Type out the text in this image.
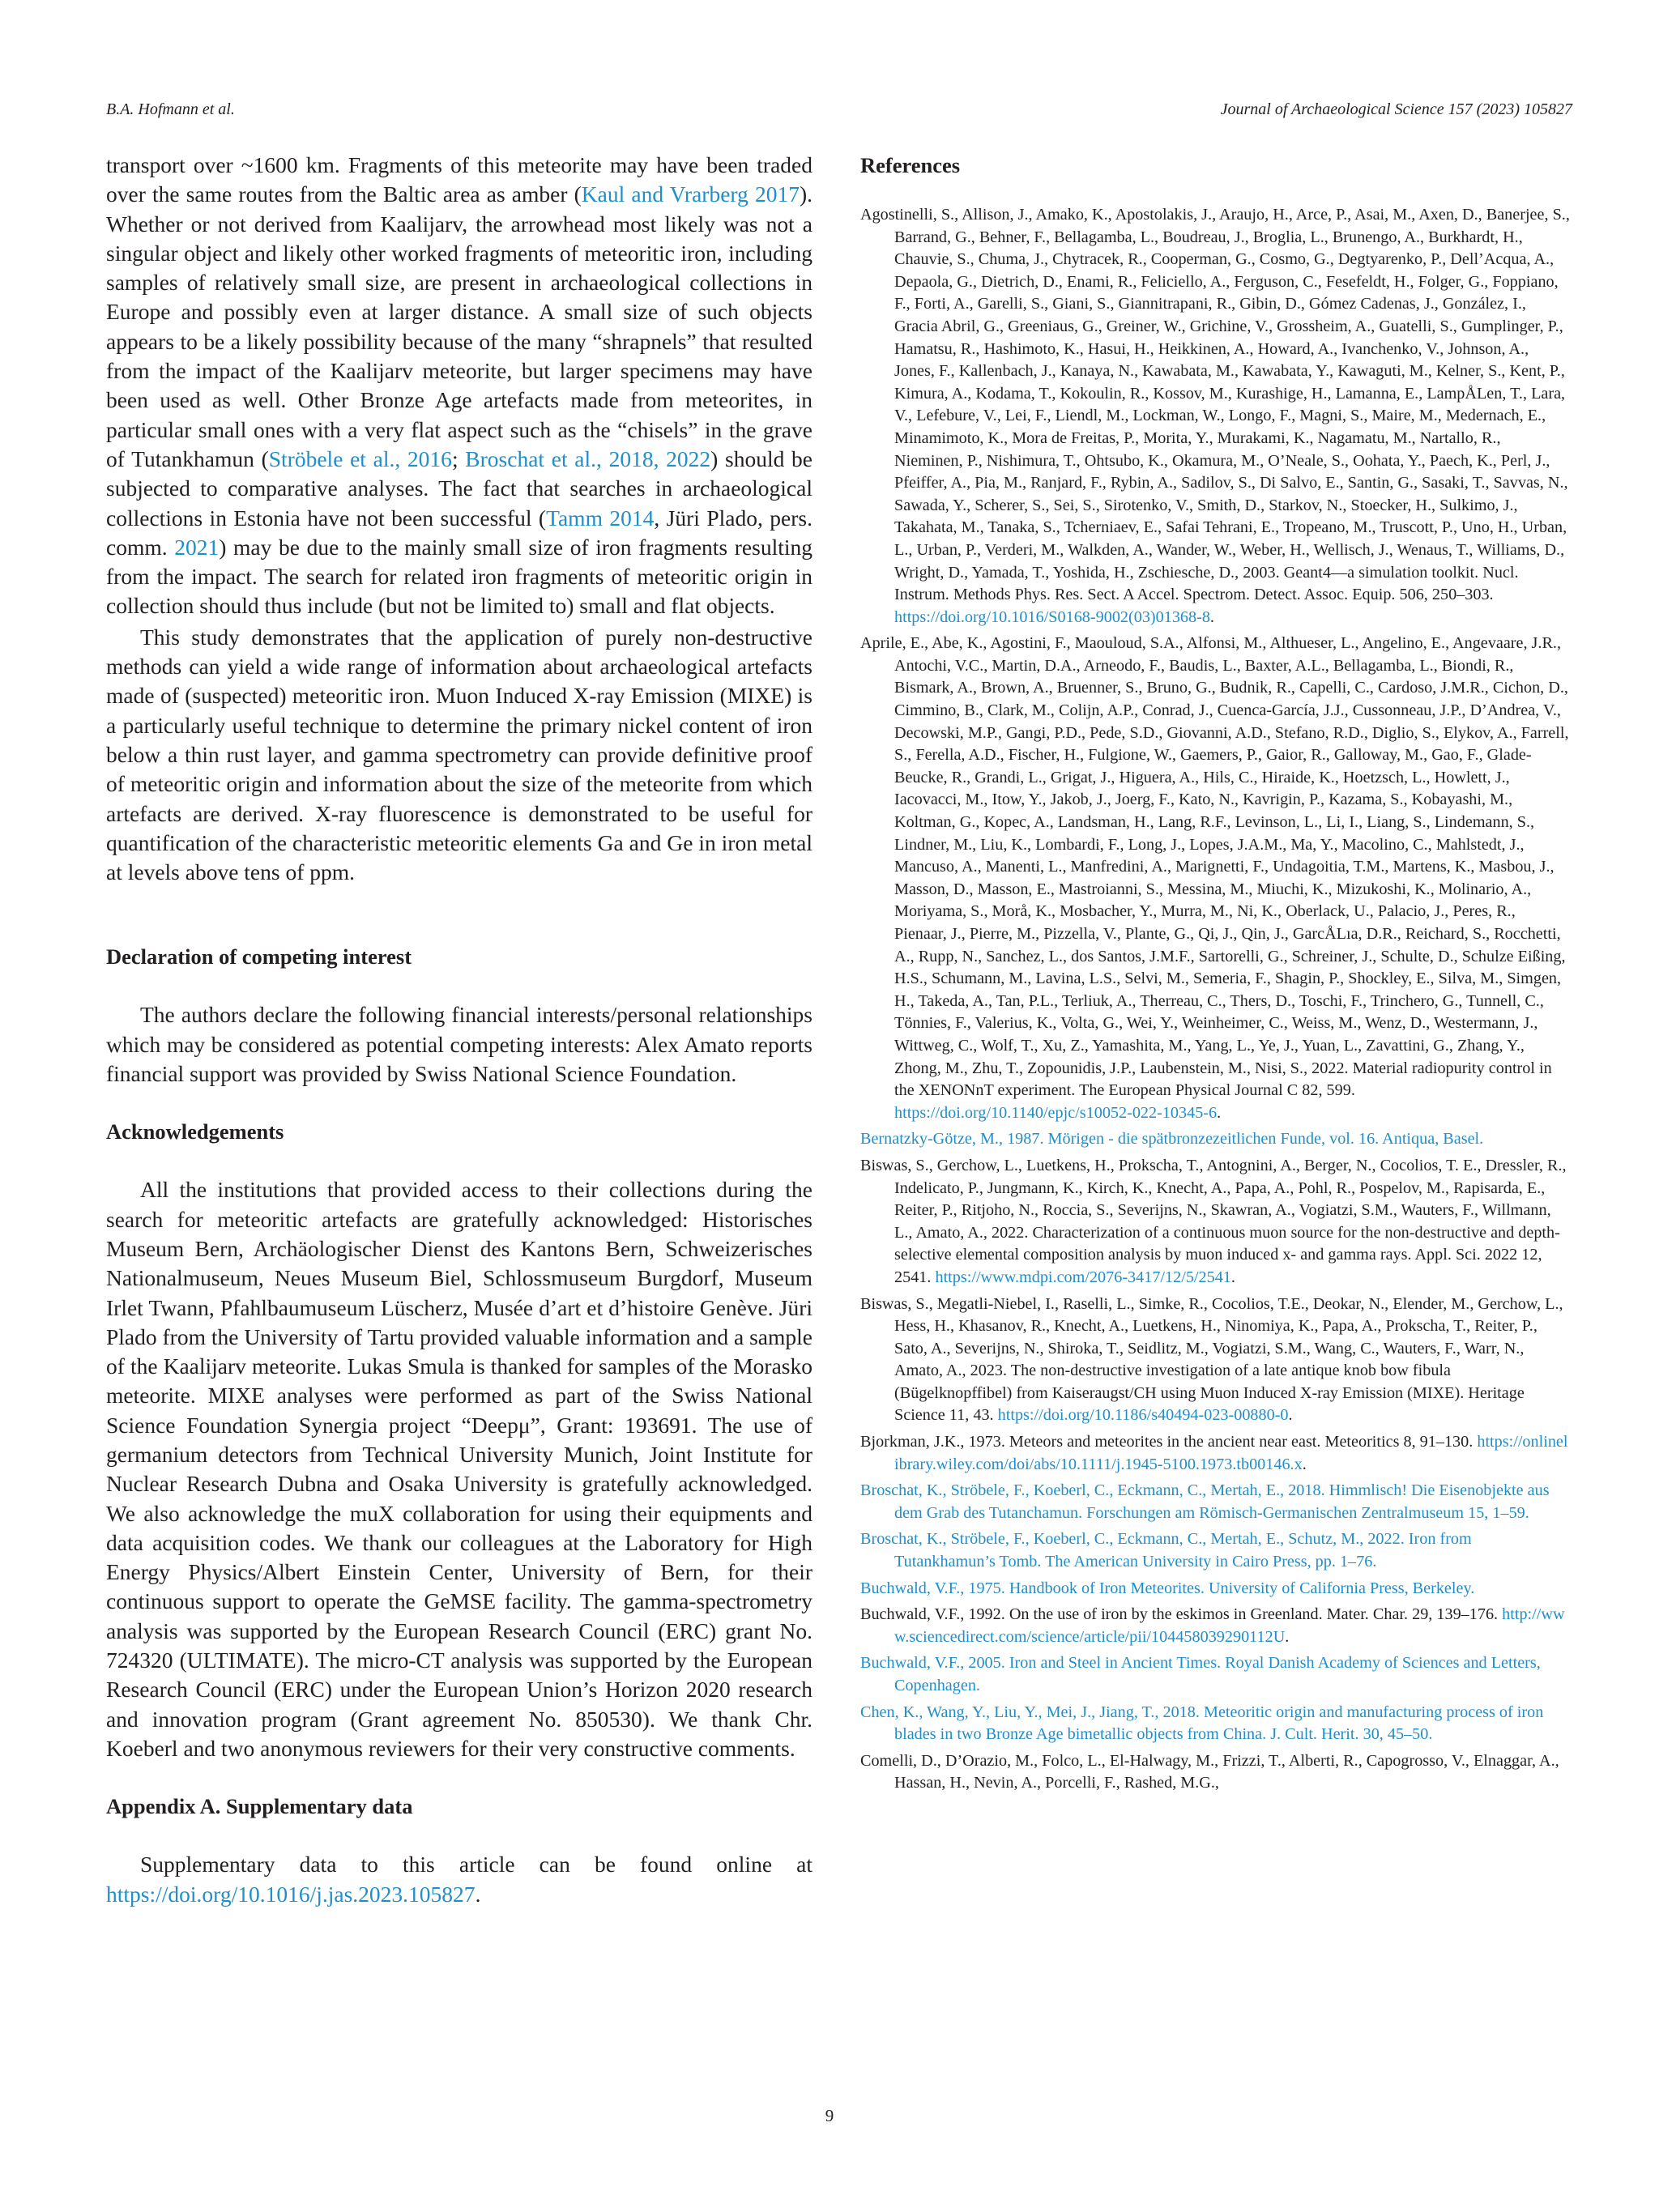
B.A. Hofmann et al.	Journal of Archaeological Science 157 (2023) 105827

transport over ~1600 km. Fragments of this meteorite may have been traded over the same routes from the Baltic area as amber (Kaul and Vrarberg 2017). Whether or not derived from Kaalijarv, the arrowhead most likely was not a singular object and likely other worked fragments of meteoritic iron, including samples of relatively small size, are present in archaeological collections in Europe and possibly even at larger distance. A small size of such objects appears to be a likely possibility because of the many “shrapnels” that resulted from the impact of the Kaalijarv meteorite, but larger specimens may have been used as well. Other Bronze Age artefacts made from meteorites, in particular small ones with a very flat aspect such as the “chisels” in the grave of Tutankhamun (Ströbele et al., 2016; Broschat et al., 2018, 2022) should be subjected to comparative analyses. The fact that searches in archaeological collections in Estonia have not been successful (Tamm 2014, Jüri Plado, pers. comm. 2021) may be due to the mainly small size of iron fragments resulting from the impact. The search for related iron fragments of meteoritic origin in collection should thus include (but not be limited to) small and flat objects.

This study demonstrates that the application of purely non-destructive methods can yield a wide range of information about archaeological artefacts made of (suspected) meteoritic iron. Muon Induced X-ray Emission (MIXE) is a particularly useful technique to determine the primary nickel content of iron below a thin rust layer, and gamma spectrometry can provide definitive proof of meteoritic origin and information about the size of the meteorite from which artefacts are derived. X-ray fluorescence is demonstrated to be useful for quantification of the characteristic meteoritic elements Ga and Ge in iron metal at levels above tens of ppm.

Declaration of competing interest

The authors declare the following financial interests/personal relationships which may be considered as potential competing interests: Alex Amato reports financial support was provided by Swiss National Science Foundation.

Acknowledgements

All the institutions that provided access to their collections during the search for meteoritic artefacts are gratefully acknowledged: Historisches Museum Bern, Archäologischer Dienst des Kantons Bern, Schweizerisches Nationalmuseum, Neues Museum Biel, Schlossmuseum Burgdorf, Museum Irlet Twann, Pfahlbaumuseum Lüscherz, Musée d’art et d’histoire Genève. Jüri Plado from the University of Tartu provided valuable information and a sample of the Kaalijarv meteorite. Lukas Smula is thanked for samples of the Morasko meteorite. MIXE analyses were performed as part of the Swiss National Science Foundation Synergia project “Deepμ”, Grant: 193691. The use of germanium detectors from Technical University Munich, Joint Institute for Nuclear Research Dubna and Osaka University is gratefully acknowledged. We also acknowledge the muX collaboration for using their equipments and data acquisition codes. We thank our colleagues at the Laboratory for High Energy Physics/Albert Einstein Center, University of Bern, for their continuous support to operate the GeMSE facility. The gamma-spectrometry analysis was supported by the European Research Council (ERC) grant No. 724320 (ULTIMATE). The micro-CT analysis was supported by the European Research Council (ERC) under the European Union’s Horizon 2020 research and innovation program (Grant agreement No. 850530). We thank Chr. Koeberl and two anonymous reviewers for their very constructive comments.

Appendix A. Supplementary data

Supplementary data to this article can be found online at https://doi.org/10.1016/j.jas.2023.105827.

References

Agostinelli, S., Allison, J., Amako, K., Apostolakis, J., Araujo, H., Arce, P., Asai, M., Axen, D., Banerjee, S., Barrand, G., Behner, F., Bellagamba, L., Boudreau, J., Broglia, L., Brunengo, A., Burkhardt, H., Chauvie, S., Chuma, J., Chytracek, R., Cooperman, G., Cosmo, G., Degtyarenko, P., Dell’Acqua, A., Depaola, G., Dietrich, D., Enami, R., Feliciello, A., Ferguson, C., Fesefeldt, H., Folger, G., Foppiano, F., Forti, A., Garelli, S., Giani, S., Giannitrapani, R., Gibin, D., Gómez Cadenas, J., González, I., Gracia Abril, G., Greeniaus, G., Greiner, W., Grichine, V., Grossheim, A., Guatelli, S., Gumplinger, P., Hamatsu, R., Hashimoto, K., Hasui, H., Heikkinen, A., Howard, A., Ivanchenko, V., Johnson, A., Jones, F., Kallenbach, J., Kanaya, N., Kawabata, M., Kawabata, Y., Kawaguti, M., Kelner, S., Kent, P., Kimura, A., Kodama, T., Kokoulin, R., Kossov, M., Kurashige, H., Lamanna, E., LampÅLen, T., Lara, V., Lefebure, V., Lei, F., Liendl, M., Lockman, W., Longo, F., Magni, S., Maire, M., Medernach, E., Minamimoto, K., Mora de Freitas, P., Morita, Y., Murakami, K., Nagamatu, M., Nartallo, R., Nieminen, P., Nishimura, T., Ohtsubo, K., Okamura, M., O’Neale, S., Oohata, Y., Paech, K., Perl, J., Pfeiffer, A., Pia, M., Ranjard, F., Rybin, A., Sadilov, S., Di Salvo, E., Santin, G., Sasaki, T., Savvas, N., Sawada, Y., Scherer, S., Sei, S., Sirotenko, V., Smith, D., Starkov, N., Stoecker, H., Sulkimo, J., Takahata, M., Tanaka, S., Tcherniaev, E., Safai Tehrani, E., Tropeano, M., Truscott, P., Uno, H., Urban, L., Urban, P., Verderi, M., Walkden, A., Wander, W., Weber, H., Wellisch, J., Wenaus, T., Williams, D., Wright, D., Yamada, T., Yoshida, H., Zschiesche, D., 2003. Geant4—a simulation toolkit. Nucl. Instrum. Methods Phys. Res. Sect. A Accel. Spectrom. Detect. Assoc. Equip. 506, 250–303. https://doi.org/10.1016/S0168-9002(03)01368-8.

Aprile, E., Abe, K., Agostini, F., Maouloud, S.A., Alfonsi, M., Althueser, L., Angelino, E., Angevaare, J.R., Antochi, V.C., Martin, D.A., Arneodo, F., Baudis, L., Baxter, A.L., Bellagamba, L., Biondi, R., Bismark, A., Brown, A., Bruenner, S., Bruno, G., Budnik, R., Capelli, C., Cardoso, J.M.R., Cichon, D., Cimmino, B., Clark, M., Colijn, A.P., Conrad, J., Cuenca-García, J.J., Cussonneau, J.P., D’Andrea, V., Decowski, M.P., Gangi, P.D., Pede, S.D., Giovanni, A.D., Stefano, R.D., Diglio, S., Elykov, A., Farrell, S., Ferella, A.D., Fischer, H., Fulgione, W., Gaemers, P., Gaior, R., Galloway, M., Gao, F., Glade-Beucke, R., Grandi, L., Grigat, J., Higuera, A., Hils, C., Hiraide, K., Hoetzsch, L., Howlett, J., Iacovacci, M., Itow, Y., Jakob, J., Joerg, F., Kato, N., Kavrigin, P., Kazama, S., Kobayashi, M., Koltman, G., Kopec, A., Landsman, H., Lang, R.F., Levinson, L., Li, I., Liang, S., Lindemann, S., Lindner, M., Liu, K., Lombardi, F., Long, J., Lopes, J.A.M., Ma, Y., Macolino, C., Mahlstedt, J., Mancuso, A., Manenti, L., Manfredini, A., Marignetti, F., Undagoitia, T.M., Martens, K., Masbou, J., Masson, D., Masson, E., Mastroianni, S., Messina, M., Miuchi, K., Mizukoshi, K., Molinario, A., Moriyama, S., Morå, K., Mosbacher, Y., Murra, M., Ni, K., Oberlack, U., Palacio, J., Peres, R., Pienaar, J., Pierre, M., Pizzella, V., Plante, G., Qi, J., Qin, J., GarcÅLıa, D.R., Reichard, S., Rocchetti, A., Rupp, N., Sanchez, L., dos Santos, J.M.F., Sartorelli, G., Schreiner, J., Schulte, D., Schulze Eißing, H.S., Schumann, M., Lavina, L.S., Selvi, M., Semeria, F., Shagin, P., Shockley, E., Silva, M., Simgen, H., Takeda, A., Tan, P.L., Terliuk, A., Therreau, C., Thers, D., Toschi, F., Trinchero, G., Tunnell, C., Tönnies, F., Valerius, K., Volta, G., Wei, Y., Weinheimer, C., Weiss, M., Wenz, D., Westermann, J., Wittweg, C., Wolf, T., Xu, Z., Yamashita, M., Yang, L., Ye, J., Yuan, L., Zavattini, G., Zhang, Y., Zhong, M., Zhu, T., Zopounidis, J.P., Laubenstein, M., Nisi, S., 2022. Material radiopurity control in the XENONnT experiment. The European Physical Journal C 82, 599. https://doi.org/10.1140/epjc/s10052-022-10345-6.

Bernatzky-Götze, M., 1987. Mörigen - die spätbronzezeitlichen Funde, vol. 16. Antiqua, Basel.

Biswas, S., Gerchow, L., Luetkens, H., Prokscha, T., Antognini, A., Berger, N., Cocolios, T. E., Dressler, R., Indelicato, P., Jungmann, K., Kirch, K., Knecht, A., Papa, A., Pohl, R., Pospelov, M., Rapisarda, E., Reiter, P., Ritjoho, N., Roccia, S., Severijns, N., Skawran, A., Vogiatzi, S.M., Wauters, F., Willmann, L., Amato, A., 2022. Characterization of a continuous muon source for the non-destructive and depth-selective elemental composition analysis by muon induced x- and gamma rays. Appl. Sci. 2022 12, 2541. https://www.mdpi.com/2076-3417/12/5/2541.

Biswas, S., Megatli-Niebel, I., Raselli, L., Simke, R., Cocolios, T.E., Deokar, N., Elender, M., Gerchow, L., Hess, H., Khasanov, R., Knecht, A., Luetkens, H., Ninomiya, K., Papa, A., Prokscha, T., Reiter, P., Sato, A., Severijns, N., Shiroka, T., Seidlitz, M., Vogiatzi, S.M., Wang, C., Wauters, F., Warr, N., Amato, A., 2023. The non-destructive investigation of a late antique knob bow fibula (Bügelknopffibel) from Kaiseraugst/CH using Muon Induced X-ray Emission (MIXE). Heritage Science 11, 43. https://doi.org/10.1186/s40494-023-00880-0.

Bjorkman, J.K., 1973. Meteors and meteorites in the ancient near east. Meteoritics 8, 91–130. https://onlinelibrary.wiley.com/doi/abs/10.1111/j.1945-5100.1973.tb00146.x.

Broschat, K., Ströbele, F., Koeberl, C., Eckmann, C., Mertah, E., 2018. Himmlisch! Die Eisenobjekte aus dem Grab des Tutanchamun. Forschungen am Römisch-Germanischen Zentralmuseum 15, 1–59.

Broschat, K., Ströbele, F., Koeberl, C., Eckmann, C., Mertah, E., Schutz, M., 2022. Iron from Tutankhamun’s Tomb. The American University in Cairo Press, pp. 1–76.

Buchwald, V.F., 1975. Handbook of Iron Meteorites. University of California Press, Berkeley.

Buchwald, V.F., 1992. On the use of iron by the eskimos in Greenland. Mater. Char. 29, 139–176. http://www.sciencedirect.com/science/article/pii/104458039290112U.

Buchwald, V.F., 2005. Iron and Steel in Ancient Times. Royal Danish Academy of Sciences and Letters, Copenhagen.

Chen, K., Wang, Y., Liu, Y., Mei, J., Jiang, T., 2018. Meteoritic origin and manufacturing process of iron blades in two Bronze Age bimetallic objects from China. J. Cult. Herit. 30, 45–50.

Comelli, D., D’Orazio, M., Folco, L., El-Halwagy, M., Frizzi, T., Alberti, R., Capogrosso, V., Elnaggar, A., Hassan, H., Nevin, A., Porcelli, F., Rashed, M.G.,

9
